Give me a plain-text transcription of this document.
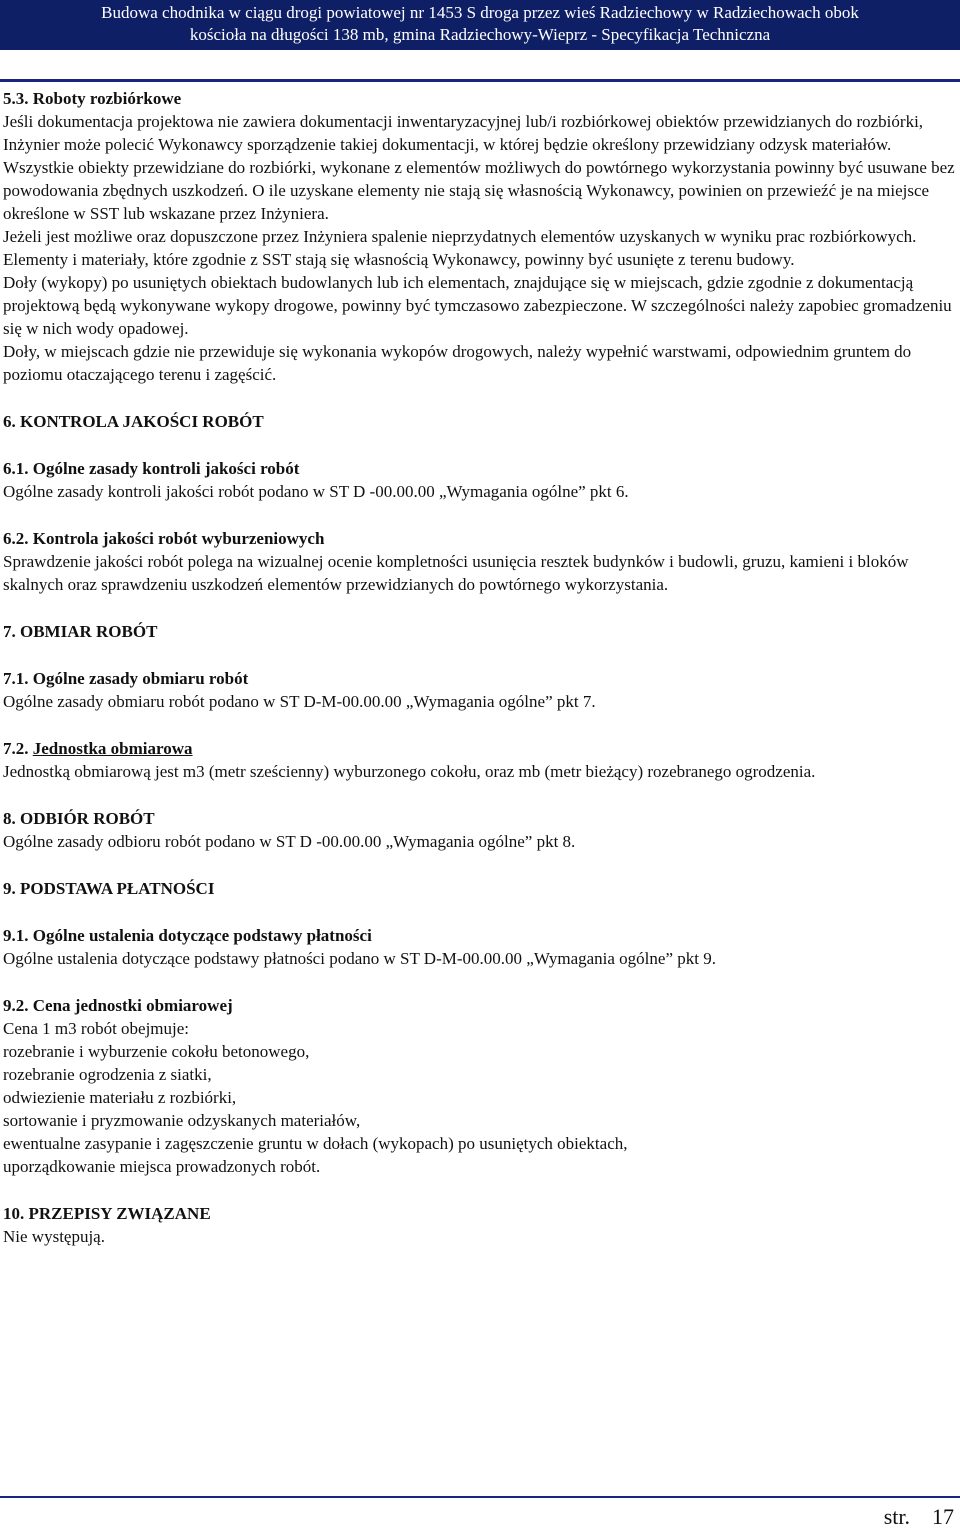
Budowa chodnika w ciągu drogi powiatowej nr 1453 S droga przez wieś Radziechowy w Radziechowach obok
kościoła na długości 138 mb, gmina Radziechowy-Wieprz - Specyfikacja Techniczna

5.3. Roboty rozbiórkowe

Jeśli dokumentacja projektowa nie zawiera dokumentacji inwentaryzacyjnej lub/i rozbiórkowej obiektów przewidzianych do rozbiórki, Inżynier może polecić Wykonawcy sporządzenie takiej dokumentacji, w której będzie określony przewidziany odzysk materiałów.

Wszystkie obiekty przewidziane do rozbiórki, wykonane z elementów możliwych do powtórnego wykorzystania powinny być usuwane bez powodowania zbędnych uszkodzeń. O ile uzyskane elementy nie stają się własnością Wykonawcy, powinien on przewieźć je na miejsce określone w SST lub wskazane przez Inżyniera.

Jeżeli jest możliwe oraz dopuszczone przez Inżyniera spalenie nieprzydatnych elementów uzyskanych w wyniku prac rozbiórkowych.

Elementy i materiały, które zgodnie z SST stają się własnością Wykonawcy, powinny być usunięte z terenu budowy.

Doły (wykopy) po usuniętych obiektach budowlanych lub ich elementach, znajdujące się w miejscach, gdzie zgodnie z dokumentacją projektową będą wykonywane wykopy drogowe, powinny być tymczasowo zabezpieczone. W szczególności należy zapobiec gromadzeniu się w nich wody opadowej.

Doły, w miejscach gdzie nie przewiduje się wykonania wykopów drogowych, należy wypełnić warstwami, odpowiednim gruntem do poziomu otaczającego terenu i zagęścić.

6. KONTROLA JAKOŚCI ROBÓT

6.1. Ogólne zasady kontroli jakości robót

Ogólne zasady kontroli jakości robót podano w ST D -00.00.00 „Wymagania ogólne” pkt 6.

6.2. Kontrola jakości robót wyburzeniowych

Sprawdzenie jakości robót polega na wizualnej ocenie kompletności usunięcia resztek budynków i budowli, gruzu, kamieni i bloków skalnych oraz sprawdzeniu uszkodzeń elementów przewidzianych do powtórnego wykorzystania.

7. OBMIAR ROBÓT

7.1. Ogólne zasady obmiaru robót

Ogólne zasady obmiaru robót podano w ST D-M-00.00.00 „Wymagania ogólne” pkt 7.

7.2. Jednostka obmiarowa

Jednostką obmiarową jest m3 (metr sześcienny) wyburzonego cokołu, oraz mb (metr bieżący) rozebranego ogrodzenia.

8. ODBIÓR ROBÓT

Ogólne zasady odbioru robót podano w ST D -00.00.00 „Wymagania ogólne” pkt 8.

9. PODSTAWA PŁATNOŚCI

9.1. Ogólne ustalenia dotyczące podstawy płatności

Ogólne ustalenia dotyczące podstawy płatności podano w ST D-M-00.00.00 „Wymagania ogólne” pkt 9.

9.2. Cena jednostki obmiarowej

Cena 1 m3 robót obejmuje:

rozebranie i wyburzenie cokołu betonowego,

rozebranie ogrodzenia z siatki,

odwiezienie materiału z rozbiórki,

sortowanie i pryzmowanie odzyskanych materiałów,

ewentualne zasypanie i zagęszczenie gruntu w dołach (wykopach) po usuniętych obiektach,

uporządkowanie miejsca prowadzonych robót.

10. PRZEPISY ZWIĄZANE

Nie występują.

str. 17
